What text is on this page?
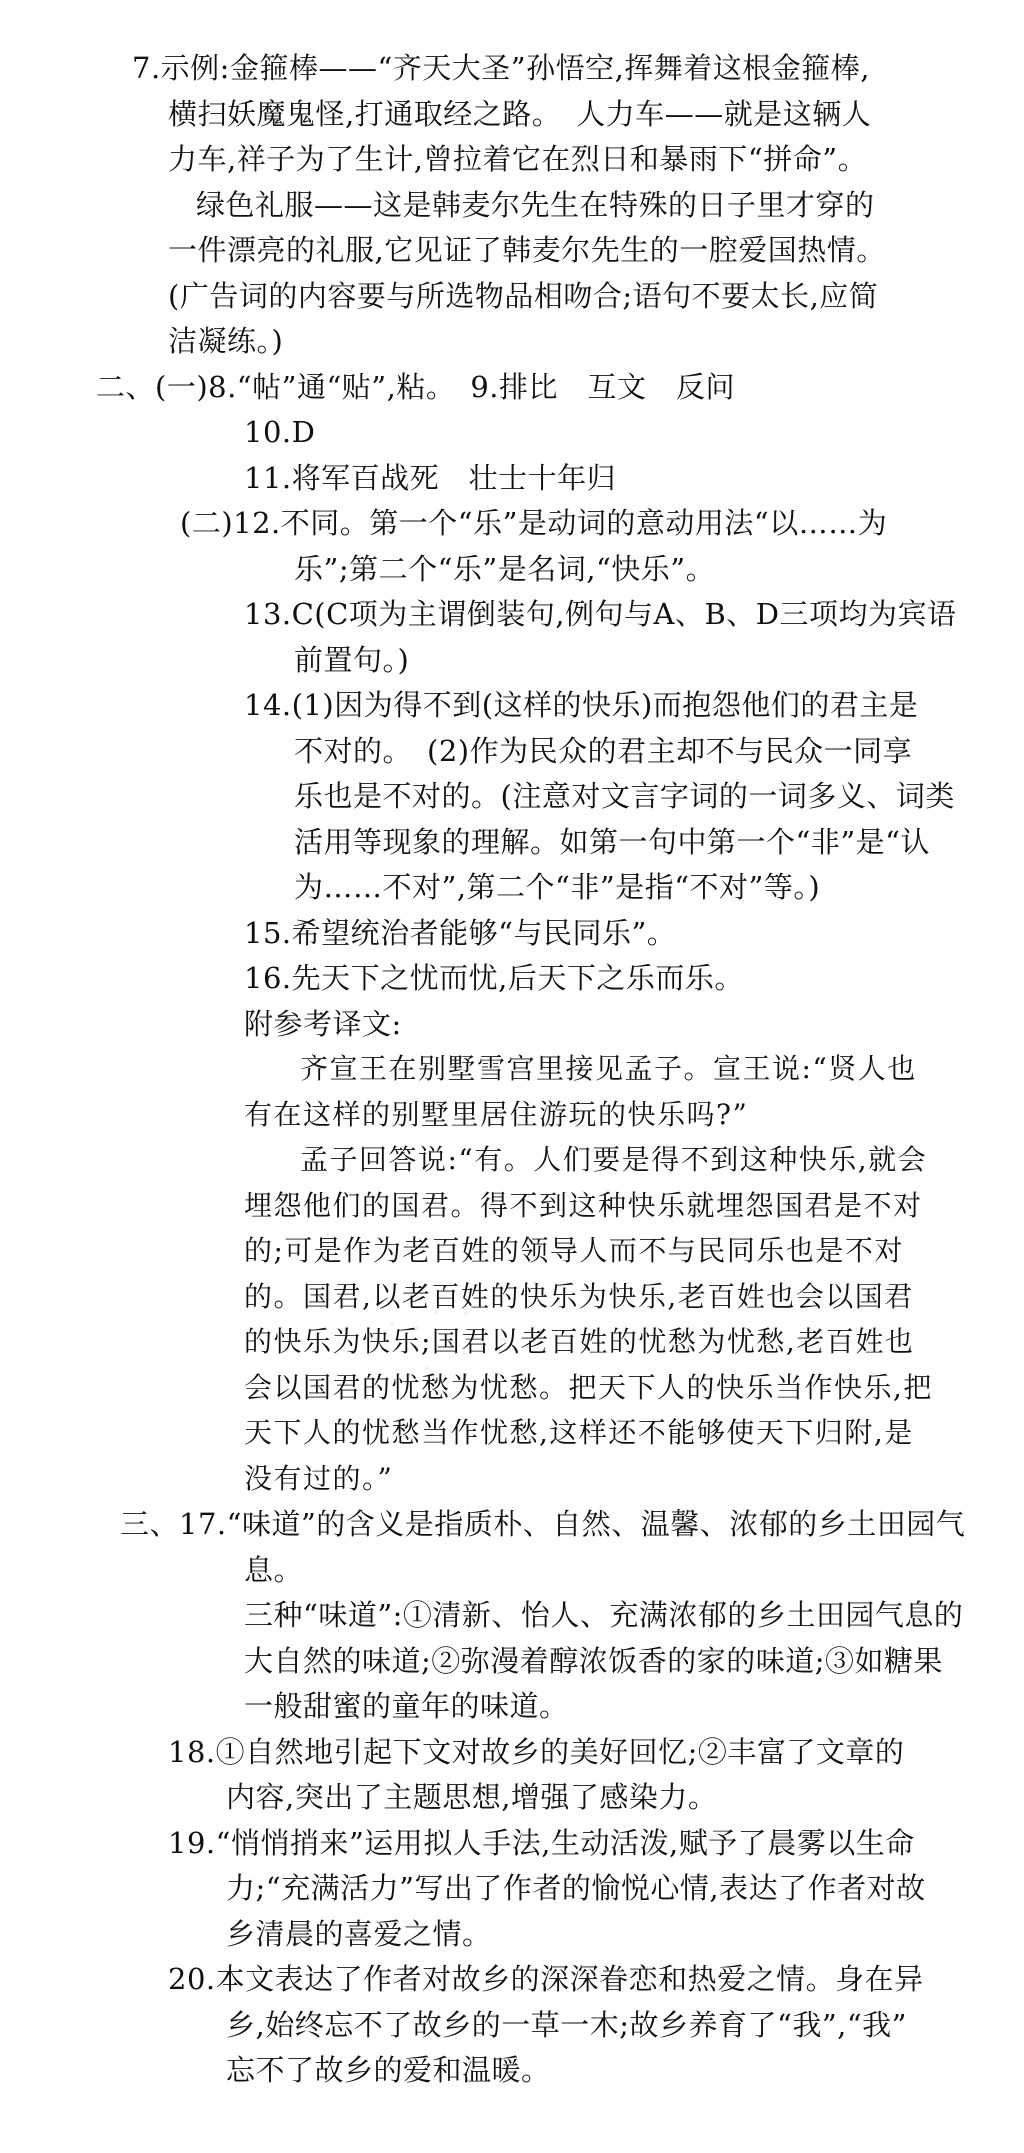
7.示例:金箍棒——“齐天大圣”孙悟空,挥舞着这根金箍棒,
横扫妖魔鬼怪,打通取经之路。　人力车——就是这辆人
力车,祥子为了生计,曾拉着它在烈日和暴雨下“拼命”。
绿色礼服——这是韩麦尔先生在特殊的日子里才穿的
一件漂亮的礼服,它见证了韩麦尔先生的一腔爱国热情。
(广告词的内容要与所选物品相吻合;语句不要太长,应简
洁凝练。)
二、(一)8.“帖”通“贴”,粘。　9.排比　互文　反问
10.D
11.将军百战死　壮士十年归
(二)12.不同。第一个“乐”是动词的意动用法“以……为
乐”;第二个“乐”是名词,“快乐”。
13.C(C项为主谓倒装句,例句与A、B、D三项均为宾语
前置句。)
14.(1)因为得不到(这样的快乐)而抱怨他们的君主是
不对的。　(2)作为民众的君主却不与民众一同享
乐也是不对的。(注意对文言字词的一词多义、词类
活用等现象的理解。如第一句中第一个“非”是“认
为……不对”,第二个“非”是指“不对”等。)
15.希望统治者能够“与民同乐”。
16.先天下之忧而忧,后天下之乐而乐。
附参考译文:
齐宣王在别墅雪宫里接见孟子。宣王说:“贤人也
有在这样的别墅里居住游玩的快乐吗?”
孟子回答说:“有。人们要是得不到这种快乐,就会
埋怨他们的国君。得不到这种快乐就埋怨国君是不对
的;可是作为老百姓的领导人而不与民同乐也是不对
的。国君,以老百姓的快乐为快乐,老百姓也会以国君
的快乐为快乐;国君以老百姓的忧愁为忧愁,老百姓也
会以国君的忧愁为忧愁。把天下人的快乐当作快乐,把
天下人的忧愁当作忧愁,这样还不能够使天下归附,是
没有过的。”
三、17.“味道”的含义是指质朴、自然、温馨、浓郁的乡土田园气
息。
三种“味道”:①清新、怡人、充满浓郁的乡土田园气息的
大自然的味道;②弥漫着醇浓饭香的家的味道;③如糖果
一般甜蜜的童年的味道。
18.①自然地引起下文对故乡的美好回忆;②丰富了文章的
内容,突出了主题思想,增强了感染力。
19.“悄悄捎来”运用拟人手法,生动活泼,赋予了晨雾以生命
力;“充满活力”写出了作者的愉悦心情,表达了作者对故
乡清晨的喜爱之情。
20.本文表达了作者对故乡的深深眷恋和热爱之情。身在异
乡,始终忘不了故乡的一草一木;故乡养育了“我”,“我”
忘不了故乡的爱和温暖。
